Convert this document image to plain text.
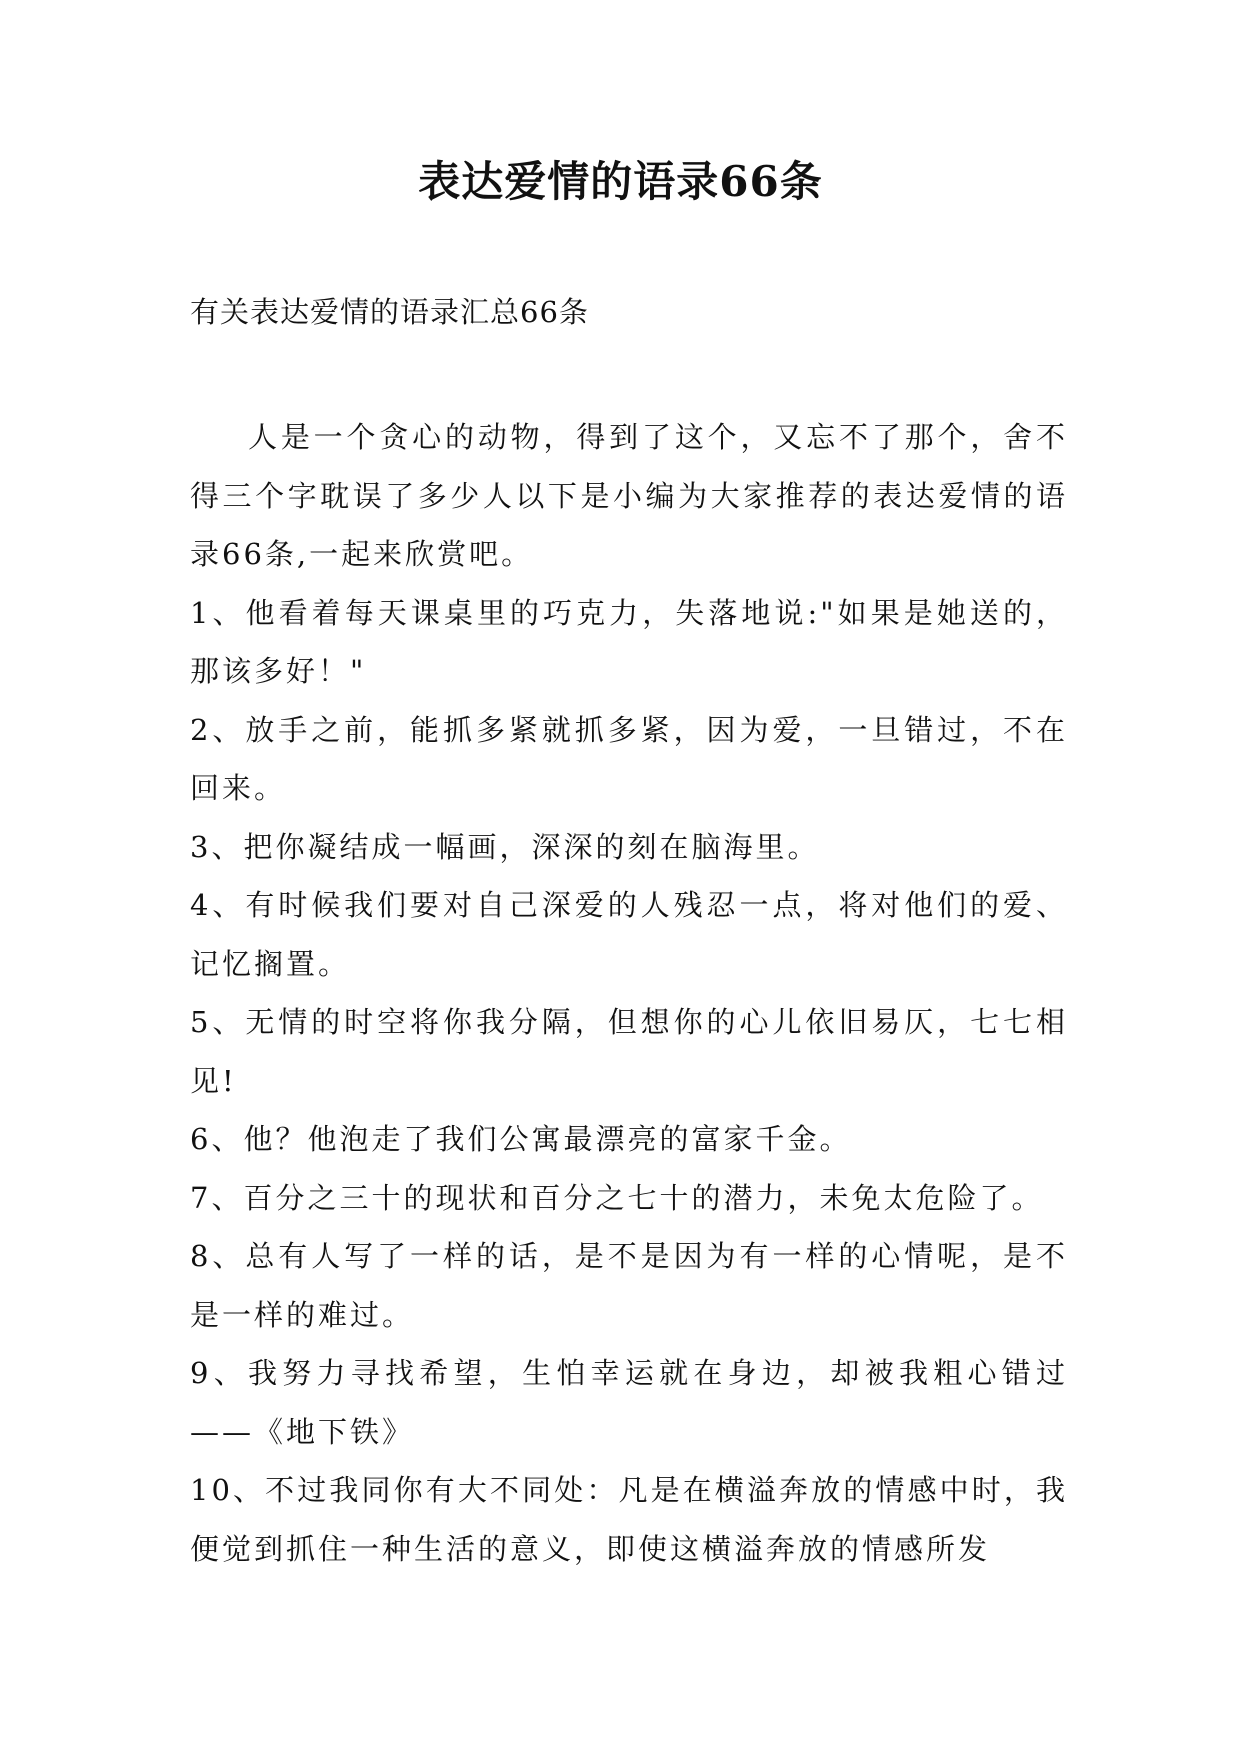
表达爱情的语录66条

有关表达爱情的语录汇总66条

人是一个贪心的动物，得到了这个，又忘不了那个，舍不得三个字耽误了多少人以下是小编为大家推荐的表达爱情的语录66条,一起来欣赏吧。

1、他看着每天课桌里的巧克力，失落地说:"如果是她送的，那该多好！"

2、放手之前，能抓多紧就抓多紧，因为爱，一旦错过，不在回来。

3、把你凝结成一幅画，深深的刻在脑海里。

4、有时候我们要对自己深爱的人残忍一点，将对他们的爱、记忆搁置。

5、无情的时空将你我分隔，但想你的心儿依旧易仄，七七相见!

6、他？他泡走了我们公寓最漂亮的富家千金。

7、百分之三十的现状和百分之七十的潜力，未免太危险了。

8、总有人写了一样的话，是不是因为有一样的心情呢，是不是一样的难过。

9、我努力寻找希望，生怕幸运就在身边，却被我粗心错过——《地下铁》

10、不过我同你有大不同处：凡是在横溢奔放的情感中时，我便觉到抓住一种生活的意义，即使这横溢奔放的情感所发
